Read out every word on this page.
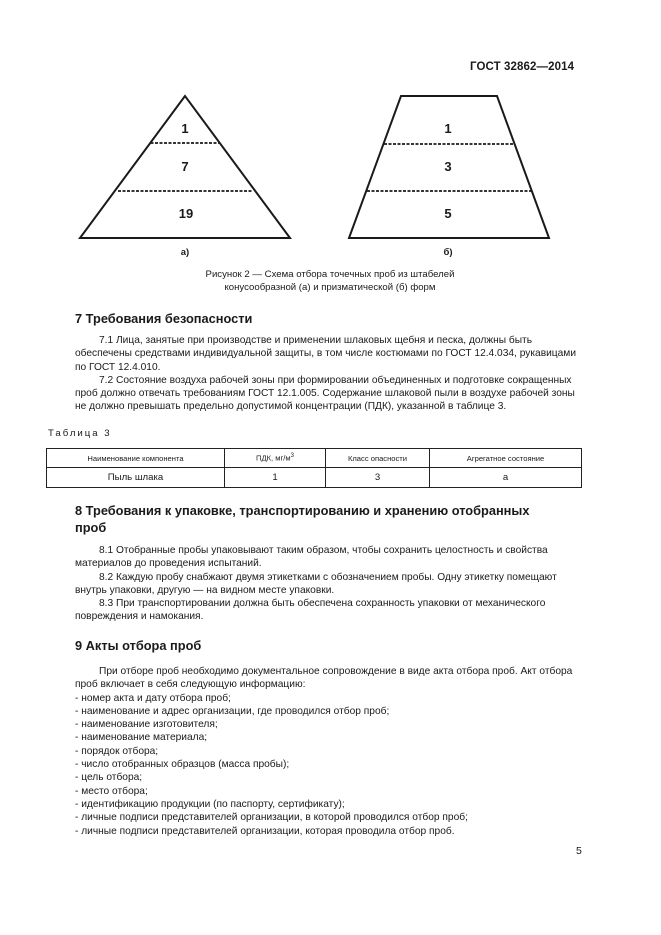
ГОСТ 32862—2014
1
7
19
а)
1
3
5
б)
Рисунок 2 — Схема отбора точечных проб из штабелей
конусообразной (а) и призматической (б) форм
7 Требования безопасности

7.1 Лица, занятые при производстве и применении шлаковых щебня и песка, должны быть обеспечены средствами индивидуальной защиты, в том числе костюмами по ГОСТ 12.4.034, рукавицами по ГОСТ 12.4.010.

7.2 Состояние воздуха рабочей зоны при формировании объединенных и подготовке сокращенных проб должно отвечать требованиям ГОСТ 12.1.005. Содержание шлаковой пыли в воздухе рабочей зоны не должно превышать предельно допустимой концентрации (ПДК), указанной в таблице 3.

Таблица 3
Наименование компонента	ПДК, $мг/м^3$	Класс опасности	Агрегатное состояние
Пыль шлака	1	3	а
8 Требования к упаковке, транспортированию и хранению отобранных
проб

8.1 Отобранные пробы упаковывают таким образом, чтобы сохранить целостность и свойства материалов до проведения испытаний.

8.2 Каждую пробу снабжают двумя этикетками с обозначением пробы. Одну этикетку помещают внутрь упаковки, другую — на видном месте упаковки.

8.3 При транспортировании должна быть обеспечена сохранность упаковки от механического повреждения и намокания.

9 Акты отбора проб

При отборе проб необходимо документальное сопровождение в виде акта отбора проб. Акт отбора проб включает в себя следующую информацию:

- номер акта и дату отбора проб;
- наименование и адрес организации, где проводился отбор проб;
- наименование изготовителя;
- наименование материала;
- порядок отбора;
- число отобранных образцов (масса пробы);
- цель отбора;
- место отбора;
- идентификацию продукции (по паспорту, сертификату);
- личные подписи представителей организации, в которой проводился отбор проб;
- личные подписи представителей организации, которая проводила отбор проб.
5
